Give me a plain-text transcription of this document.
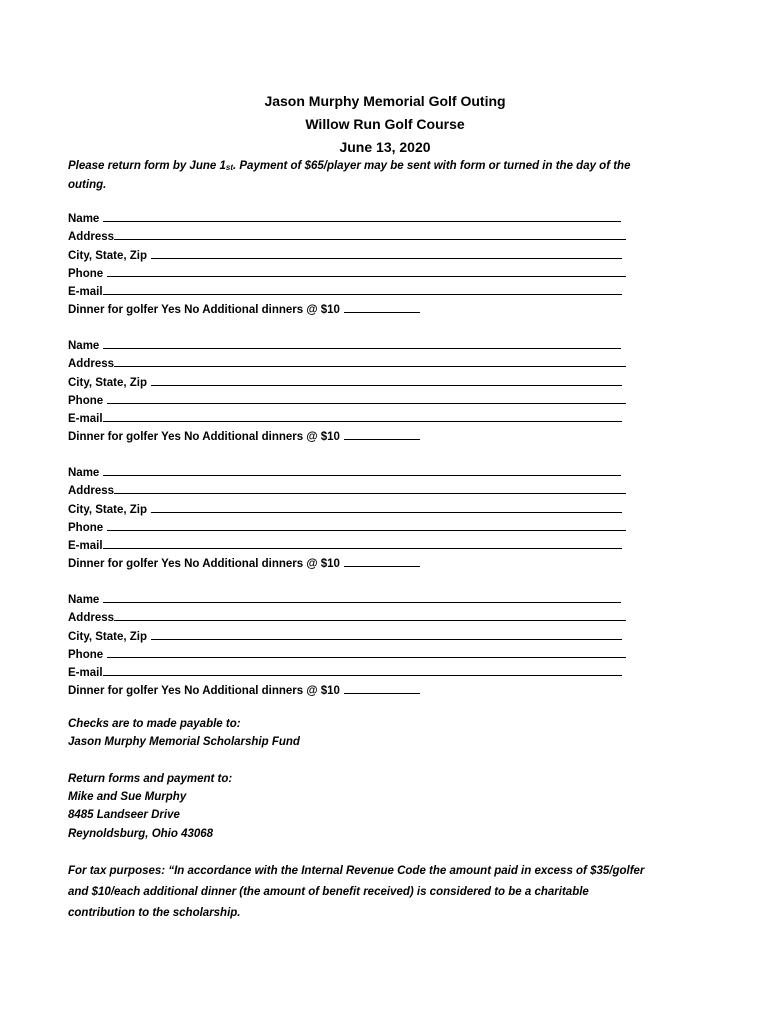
Jason Murphy Memorial Golf Outing
Willow Run Golf Course
June 13, 2020
Please return form by June 1st. Payment of $65/player may be sent with form or turned in the day of the
outing.
Name
Address
City, State, Zip
Phone
E-mail
Dinner for golfer Yes No Additional dinners @ $10
Name
Address
City, State, Zip
Phone
E-mail
Dinner for golfer Yes No Additional dinners @ $10
Name
Address
City, State, Zip
Phone
E-mail
Dinner for golfer Yes No Additional dinners @ $10
Name
Address
City, State, Zip
Phone
E-mail
Dinner for golfer Yes No Additional dinners @ $10

Checks are to made payable to:

Jason Murphy Memorial Scholarship Fund

Return forms and payment to:

Mike and Sue Murphy

8485 Landseer Drive

Reynoldsburg, Ohio 43068

For tax purposes: “In accordance with the Internal Revenue Code the amount paid in excess of $35/golfer

and $10/each additional dinner (the amount of benefit received) is considered to be a charitable

contribution to the scholarship.
